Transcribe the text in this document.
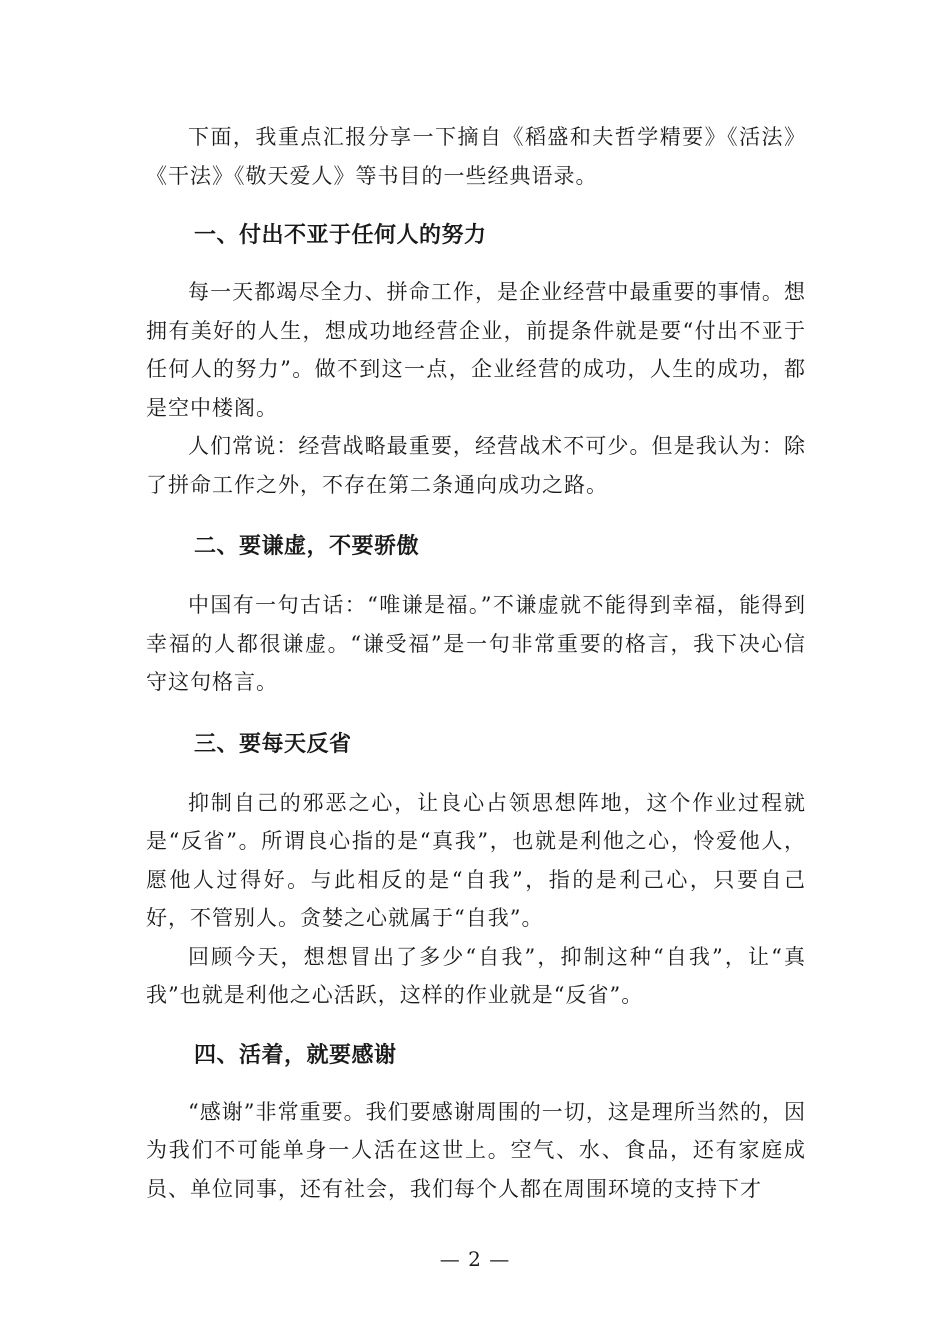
下面，我重点汇报分享一下摘自《稻盛和夫哲学精要》《活法》《干法》《敬天爱人》等书目的一些经典语录。

一、付出不亚于任何人的努力

每一天都竭尽全力、拼命工作，是企业经营中最重要的事情。想拥有美好的人生，想成功地经营企业，前提条件就是要“付出不亚于任何人的努力”。做不到这一点，企业经营的成功，人生的成功，都是空中楼阁。

人们常说：经营战略最重要，经营战术不可少。但是我认为：除了拼命工作之外，不存在第二条通向成功之路。

二、要谦虚，不要骄傲

中国有一句古话：“唯谦是福。”不谦虚就不能得到幸福，能得到幸福的人都很谦虚。“谦受福”是一句非常重要的格言，我下决心信守这句格言。

三、要每天反省

抑制自己的邪恶之心，让良心占领思想阵地，这个作业过程就是“反省”。所谓良心指的是“真我”，也就是利他之心，怜爱他人，愿他人过得好。与此相反的是“自我”，指的是利己心，只要自己好，不管别人。贪婪之心就属于“自我”。

回顾今天，想想冒出了多少“自我”，抑制这种“自我”，让“真我”也就是利他之心活跃，这样的作业就是“反省”。

四、活着，就要感谢

“感谢”非常重要。我们要感谢周围的一切，这是理所当然的，因为我们不可能单身一人活在这世上。空气、水、食品，还有家庭成员、单位同事，还有社会，我们每个人都在周围环境的支持下才

— 2 —
